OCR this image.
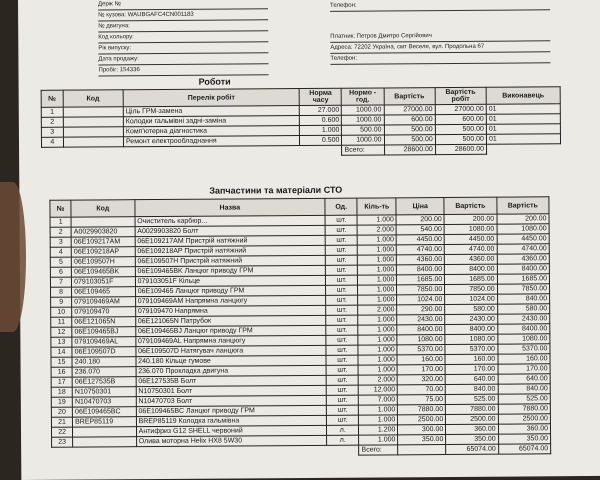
Держ №
№ кузова: WAUBGAFC4CN001183
№ двигуна:
Код кольору:
Рік випуску:
Дата продажу:
Пробіг: 154336
Телефон:
Платник: Петров Дмитро Сергійович
Адреса: 72202 Україна, смт Веселе, вул. Продольна 67
Телефон:
Роботи
№	Код	Перелік робіт	Норма часу	Нормо - год.	Вартість	Вартість робіт	Виконавець
1		Ціль ГРМ-замена	27.000	1000.00	27000.00	27000.00	01
2		Колодки гальмівні задні-заміна	0.600	1000.00	600.00	600.00	01
3		Комп'ютерна діагностика	1.000	500.00	500.00	500.00	01
4		Ремонт електрообладнання	0.500	1000.00	500.00	500.00	01
				Всего:	28600.00	28600.00	
Запчастини та матеріали СТО
№	Код	Назва	Од.	Кіль-ть	Ціна	Вартість	Вартість
1		Очиститель карбюр...	шт.	1.000	200.00	200.00	200.00
2	A0029903820	A0029903820 Болт	шт.	2.000	540.00	1080.00	1080.00
3	06E109217AM	06E109217AM Пристрій натяжний	шт.	1.000	4450.00	4450.00	4450.00
4	06E109218AP	06E109218AP Пристрій натяжний	шт.	1.000	4740.00	4740.00	4740.00
5	06E109507H	06E109507H Пристрій натяжний	шт.	1.000	4360.00	4360.00	4360.00
6	06E109465BK	06E109465BK Ланцюг приводу ГРМ	шт.	1.000	8400.00	8400.00	8400.00
7	079103051F	079103051F Кільце	шт.	1.000	1685.00	1685.00	1685.00
8	06E109465	06E109465 Ланцюг приводу ГРМ	шт.	1.000	7850.00	7850.00	7850.00
9	079109469AM	079109469AM Напрямна ланцюгу	шт.	1.000	1024.00	1024.00	840.00
10	079109470	079109470 Напрямна	шт.	2.000	290.00	580.00	580.00
11	06E121065N	06E121065N Патрубок	шт.	1.000	2430.00	2430.00	2430.00
12	06E109465BJ	06E109465BJ Ланцюг приводу ГРМ	шт.	1.000	8400.00	8400.00	8400.00
13	079109469AL	079109469AL Напрямна ланцюгу	шт.	1.000	1080.00	1080.00	1080.00
14	06E109507D	06E109507D Натягувач ланцюга	шт.	1.000	5370.00	5370.00	5370.00
15	240.180	240.180 Кільце гумове	шт.	1.000	160.00	160.00	160.00
16	236.070	236.070 Прокладка двигуна	шт.	1.000	170.00	170.00	170.00
17	06E127535B	06E127535B Болт	шт.	2.000	320.00	640.00	640.00
18	N10750301	N10750301 Болт	шт.	12.000	70.00	840.00	840.00
19	N10470703	N10470703 Болт	шт.	7.000	75.00	525.00	525.00
20	06E109465BC	06E109465BC Ланцюг приводу ГРМ	шт.	1.000	7880.00	7880.00	7880.00
21	BREP85119	BREP85119 Колодка гальмівна	шт.	1.000	2500.00	2500.00	2500.00
22		Антифриз G12 SHELL червоний	л.	1.200	300.00	360.00	360.00
23		Олива моторна Helix HX8 5W30	л.	1.000	350.00	350.00	350.00
				Всего:		65074.00	65074.00
